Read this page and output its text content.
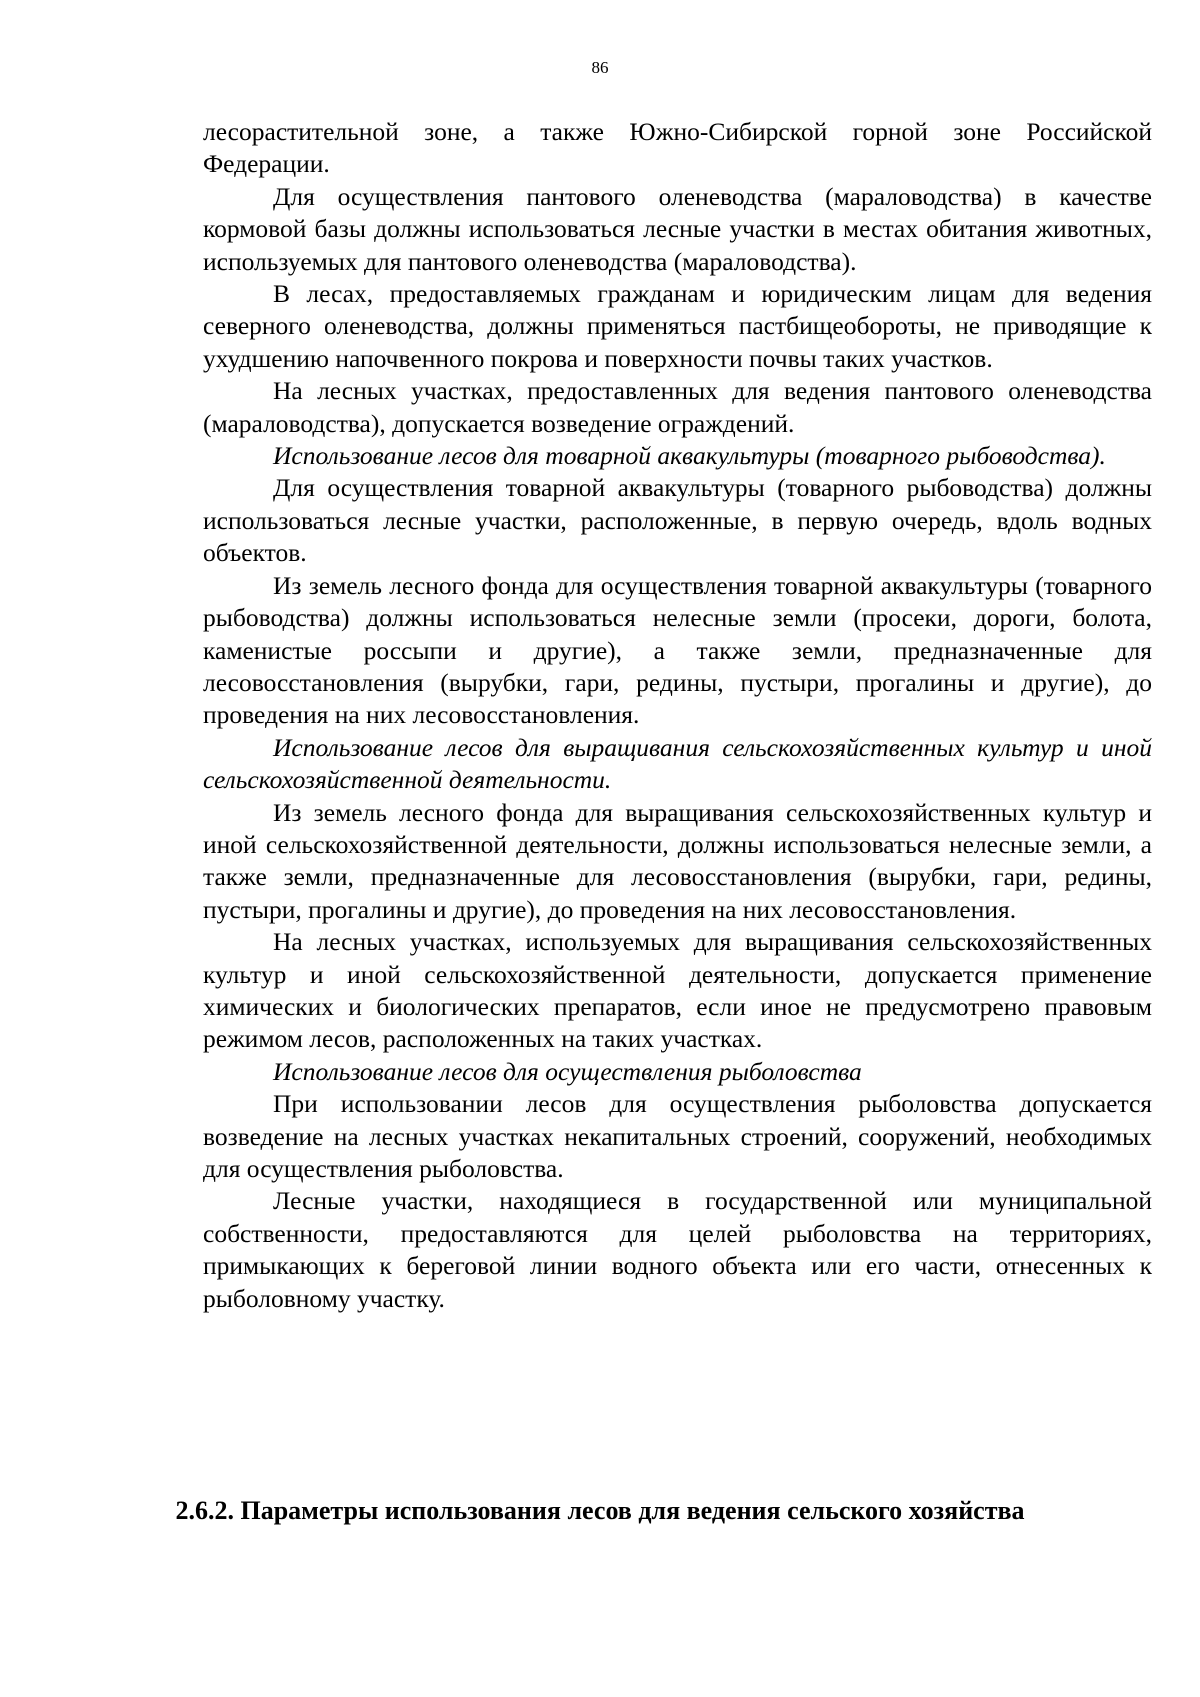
86

лесорастительной зоне, а также Южно-Сибирской горной зоне Российской Федерации.

Для осуществления пантового оленеводства (мараловодства) в качестве кормовой базы должны использоваться лесные участки в местах обитания животных, используемых для пантового оленеводства (мараловодства).

В лесах, предоставляемых гражданам и юридическим лицам для ведения северного оленеводства, должны применяться пастбищеобороты, не приводящие к ухудшению напочвенного покрова и поверхности почвы таких участков.

На лесных участках, предоставленных для ведения пантового оленеводства (мараловодства), допускается возведение ограждений.

Использование лесов для товарной аквакультуры (товарного рыбоводства).

Для осуществления товарной аквакультуры (товарного рыбоводства) должны использоваться лесные участки, расположенные, в первую очередь, вдоль водных объектов.

Из земель лесного фонда для осуществления товарной аквакультуры (товарного рыбоводства) должны использоваться нелесные земли (просеки, дороги, болота, каменистые россыпи и другие), а также земли, предназначенные для лесовосстановления (вырубки, гари, редины, пустыри, прогалины и другие), до проведения на них лесовосстановления.

Использование лесов для выращивания сельскохозяйственных культур и иной сельскохозяйственной деятельности.

Из земель лесного фонда для выращивания сельскохозяйственных культур и иной сельскохозяйственной деятельности, должны использоваться нелесные земли, а также земли, предназначенные для лесовосстановления (вырубки, гари, редины, пустыри, прогалины и другие), до проведения на них лесовосстановления.

На лесных участках, используемых для выращивания сельскохозяйственных культур и иной сельскохозяйственной деятельности, допускается применение химических и биологических препаратов, если иное не предусмотрено правовым режимом лесов, расположенных на таких участках.

Использование лесов для осуществления рыболовства

При использовании лесов для осуществления рыболовства допускается возведение на лесных участках некапитальных строений, сооружений, необходимых для осуществления рыболовства.

Лесные участки, находящиеся в государственной или муниципальной собственности, предоставляются для целей рыболовства на территориях, примыкающих к береговой линии водного объекта или его части, отнесенных к рыболовному участку.

2.6.2. Параметры использования лесов для ведения сельского хозяйства
